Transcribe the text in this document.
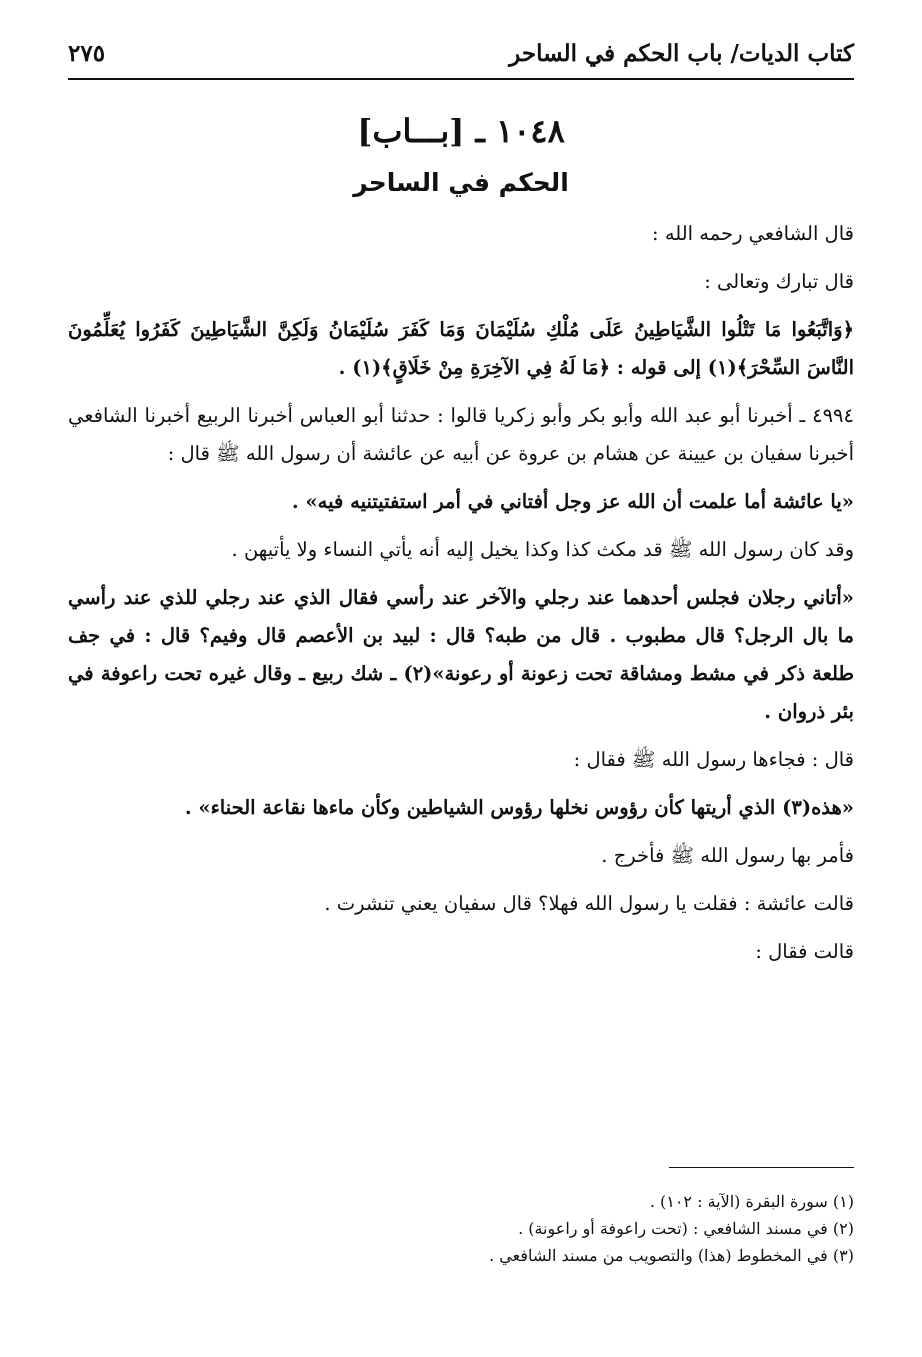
كتاب الديات/ باب الحكم في الساحر
٢٧٥
١٠٤٨ ـ [بـــاب]
الحكم في الساحر

قال الشافعي رحمه الله :

قال تبارك وتعالى :

﴿وَاتَّبَعُوا مَا تَتْلُوا الشَّيَاطِينُ عَلَى مُلْكِ سُلَيْمَانَ وَمَا كَفَرَ سُلَيْمَانُ وَلَكِنَّ الشَّيَاطِينَ كَفَرُوا يُعَلِّمُونَ النَّاسَ السِّحْرَ﴾(١) إلى قوله : ﴿مَا لَهُ فِي الآخِرَةِ مِنْ خَلَاقٍ﴾(١) .

٤٩٩٤ ـ أخبرنا أبو عبد الله وأبو بكر وأبو زكريا قالوا : حدثنا أبو العباس أخبرنا الربيع أخبرنا الشافعي أخبرنا سفيان بن عيينة عن هشام بن عروة عن أبيه عن عائشة أن رسول الله ﷺ قال :

«يا عائشة أما علمت أن الله عز وجل أفتاني في أمر استفتيتنيه فيه» .

وقد كان رسول الله ﷺ قد مكث كذا وكذا يخيل إليه أنه يأتي النساء ولا يأتيهن .

«أتاني رجلان فجلس أحدهما عند رجلي والآخر عند رأسي فقال الذي عند رجلي للذي عند رأسي ما بال الرجل؟ قال مطبوب . قال من طبه؟ قال : لبيد بن الأعصم قال وفيم؟ قال : في جف طلعة ذكر في مشط ومشاقة تحت زعونة أو رعونة»(٢) ـ شك ربيع ـ وقال غيره تحت راعوفة في بئر ذروان .

قال : فجاءها رسول الله ﷺ فقال :

«هذه(٣) الذي أريتها كأن رؤوس نخلها رؤوس الشياطين وكأن ماءها نقاعة الحناء» .

فأمر بها رسول الله ﷺ فأخرج .

قالت عائشة : فقلت يا رسول الله فهلا؟ قال سفيان يعني تنشرت .

قالت فقال :

(١) سورة البقرة (الآية : ١٠٢) .
(٢) في مسند الشافعي : (تحت راعوفة أو راعونة) .
(٣) في المخطوط (هذا) والتصويب من مسند الشافعي .
